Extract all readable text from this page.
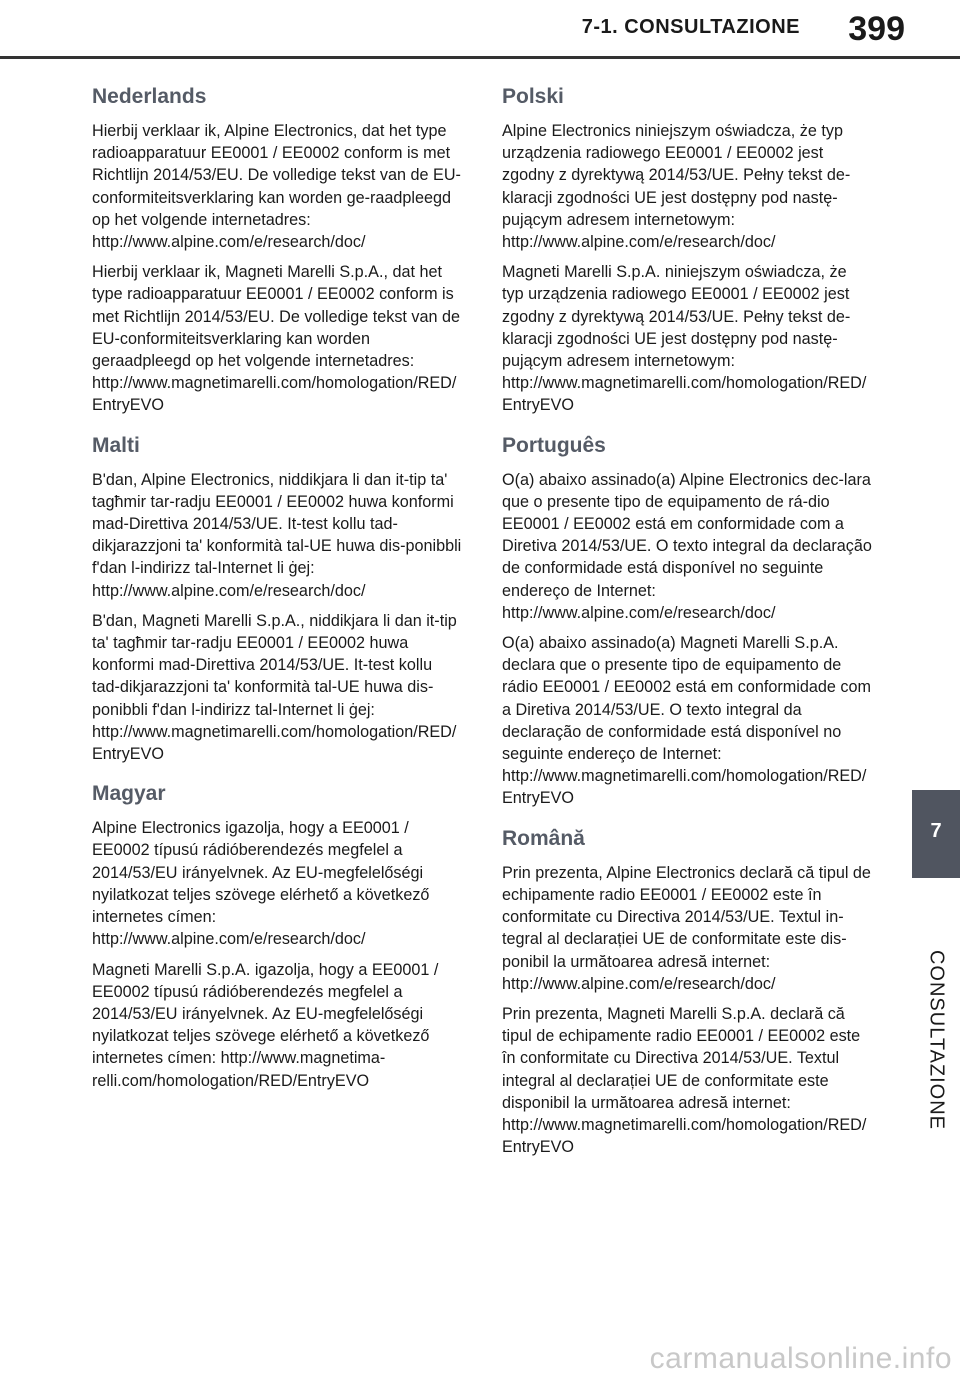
7-1. CONSULTAZIONE 399
Nederlands

Hierbij verklaar ik, Alpine Electronics, dat het type radioapparatuur EE0001 / EE0002 conform is met Richtlijn 2014/53/EU. De volledige tekst van de EU-conformiteitsverklaring kan worden ge-raadpleegd op het volgende internetadres: http://www.alpine.com/e/research/doc/

Hierbij verklaar ik, Magneti Marelli S.p.A., dat het type radioapparatuur EE0001 / EE0002 conform is met Richtlijn 2014/53/EU. De volledige tekst van de EU-conformiteitsverklaring kan worden geraadpleegd op het volgende internetadres: http://www.magnetimarelli.com/homologation/RED/EntryEVO

Malti

B'dan, Alpine Electronics, niddikjara li dan it-tip ta' tagħmir tar-radju EE0001 / EE0002 huwa konformi mad-Direttiva 2014/53/UE. It-test kollu tad-dikjarazzjoni ta' konformità tal-UE huwa dis-ponibbli f'dan l-indirizz tal-Internet li ġej: http://www.alpine.com/e/research/doc/

B'dan, Magneti Marelli S.p.A., niddikjara li dan it-tip ta' tagħmir tar-radju EE0001 / EE0002 huwa konformi mad-Direttiva 2014/53/UE. It-test kollu tad-dikjarazzjoni ta' konformità tal-UE huwa dis-ponibbli f'dan l-indirizz tal-Internet li ġej: http://www.magnetimarelli.com/homologation/RED/EntryEVO

Magyar

Alpine Electronics igazolja, hogy a EE0001 / EE0002 típusú rádióberendezés megfelel a 2014/53/EU irányelvnek. Az EU-megfelelőségi nyilatkozat teljes szövege elérhető a következő internetes címen: http://www.alpine.com/e/research/doc/

Magneti Marelli S.p.A. igazolja, hogy a EE0001 / EE0002 típusú rádióberendezés megfelel a 2014/53/EU irányelvnek. Az EU-megfelelőségi nyilatkozat teljes szövege elérhető a következő internetes címen: http://www.magnetima-relli.com/homologation/RED/EntryEVO

Polski

Alpine Electronics niniejszym oświadcza, że typ urządzenia radiowego EE0001 / EE0002 jest zgodny z dyrektywą 2014/53/UE. Pełny tekst de-klaracji zgodności UE jest dostępny pod nastę-pującym adresem internetowym: http://www.alpine.com/e/research/doc/

Magneti Marelli S.p.A. niniejszym oświadcza, że typ urządzenia radiowego EE0001 / EE0002 jest zgodny z dyrektywą 2014/53/UE. Pełny tekst de-klaracji zgodności UE jest dostępny pod nastę-pującym adresem internetowym: http://www.magnetimarelli.com/homologation/RED/EntryEVO

Português

O(a) abaixo assinado(a) Alpine Electronics dec-lara que o presente tipo de equipamento de rá-dio EE0001 / EE0002 está em conformidade com a Diretiva 2014/53/UE. O texto integral da declaração de conformidade está disponível no seguinte endereço de Internet: http://www.alpine.com/e/research/doc/

O(a) abaixo assinado(a) Magneti Marelli S.p.A. declara que o presente tipo de equipamento de rádio EE0001 / EE0002 está em conformidade com a Diretiva 2014/53/UE. O texto integral da declaração de conformidade está disponível no seguinte endereço de Internet: http://www.magnetimarelli.com/homologation/RED/EntryEVO

Română

Prin prezenta, Alpine Electronics declară că tipul de echipamente radio EE0001 / EE0002 este în conformitate cu Directiva 2014/53/UE. Textul in-tegral al declarației UE de conformitate este dis-ponibil la următoarea adresă internet: http://www.alpine.com/e/research/doc/

Prin prezenta, Magneti Marelli S.p.A. declară că tipul de echipamente radio EE0001 / EE0002 este în conformitate cu Directiva 2014/53/UE. Textul integral al declarației UE de conformitate este disponibil la următoarea adresă internet: http://www.magnetimarelli.com/homologation/RED/EntryEVO

7
CONSULTAZIONE
carmanualsonline.info
